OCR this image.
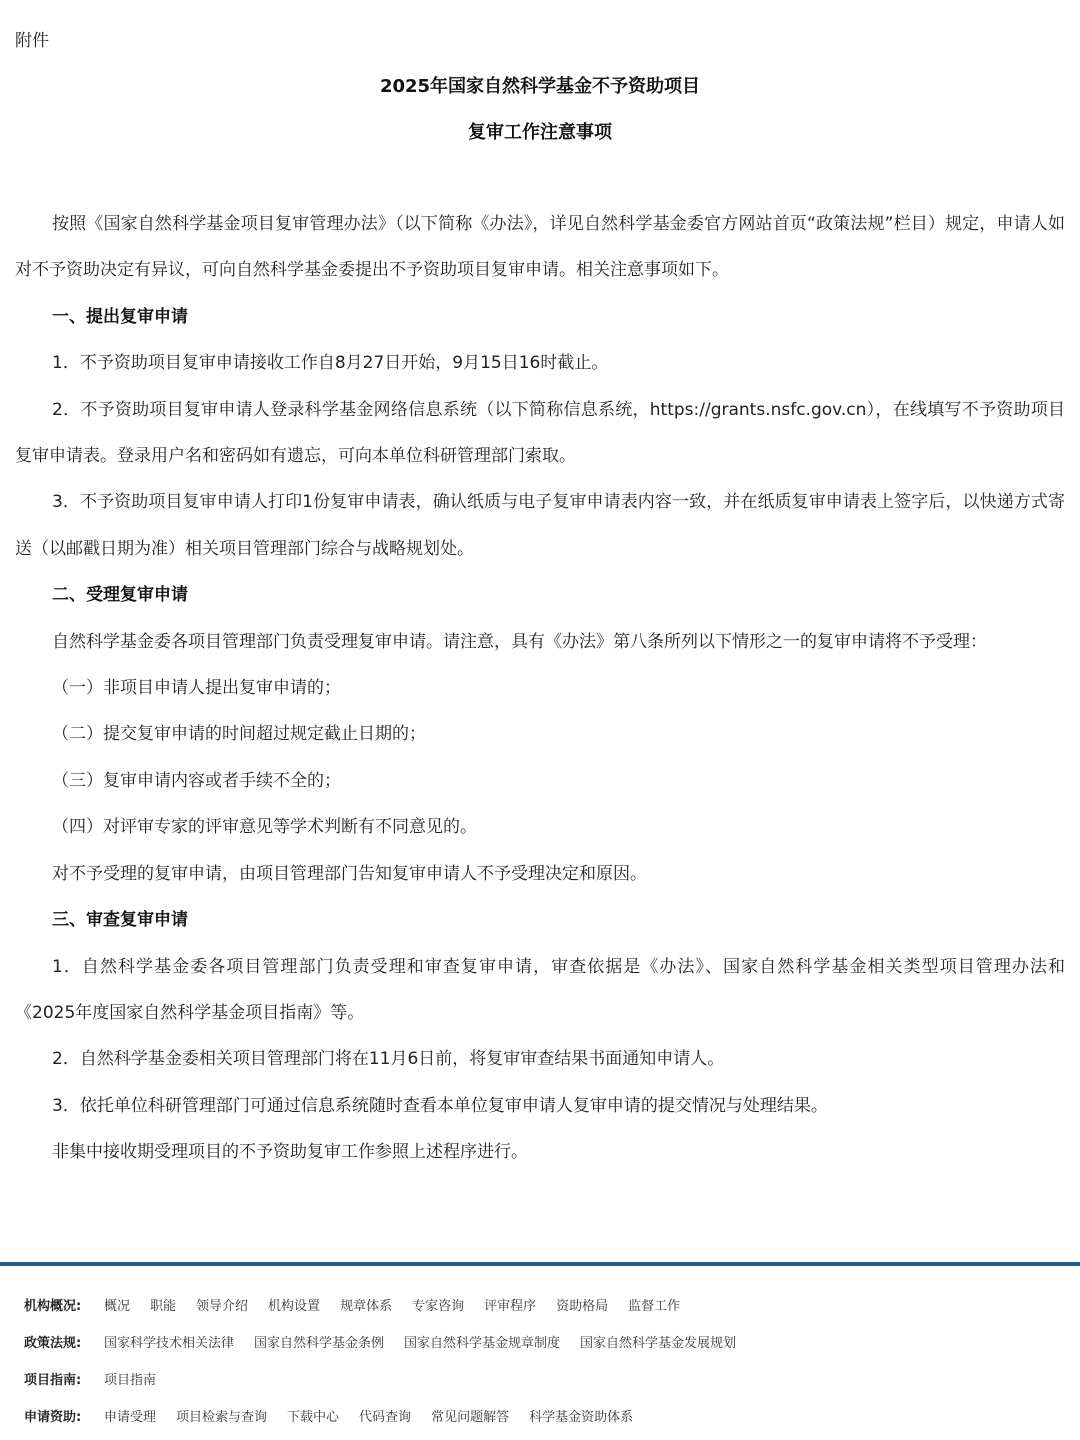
附件
2025年国家自然科学基金不予资助项目
复审工作注意事项

按照《国家自然科学基金项目复审管理办法》（以下简称《办法》，详见自然科学基金委官方网站首页“政策法规”栏目）规定，申请人如对不予资助决定有异议，可向自然科学基金委提出不予资助项目复审申请。相关注意事项如下。

一、提出复审申请

1．不予资助项目复审申请接收工作自8月27日开始，9月15日16时截止。

2．不予资助项目复审申请人登录科学基金网络信息系统（以下简称信息系统，https://grants.nsfc.gov.cn），在线填写不予资助项目复审申请表。登录用户名和密码如有遗忘，可向本单位科研管理部门索取。

3．不予资助项目复审申请人打印1份复审申请表，确认纸质与电子复审申请表内容一致，并在纸质复审申请表上签字后，以快递方式寄送（以邮戳日期为准）相关项目管理部门综合与战略规划处。

二、受理复审申请

自然科学基金委各项目管理部门负责受理复审申请。请注意，具有《办法》第八条所列以下情形之一的复审申请将不予受理：

（一）非项目申请人提出复审申请的；

（二）提交复审申请的时间超过规定截止日期的；

（三）复审申请内容或者手续不全的；

（四）对评审专家的评审意见等学术判断有不同意见的。

对不予受理的复审申请，由项目管理部门告知复审申请人不予受理决定和原因。

三、审查复审申请

1．自然科学基金委各项目管理部门负责受理和审查复审申请，审查依据是《办法》、国家自然科学基金相关类型项目管理办法和《2025年度国家自然科学基金项目指南》等。

2．自然科学基金委相关项目管理部门将在11月6日前，将复审审查结果书面通知申请人。

3．依托单位科研管理部门可通过信息系统随时查看本单位复审申请人复审申请的提交情况与处理结果。

非集中接收期受理项目的不予资助复审工作参照上述程序进行。

机构概况:	概况 职能 领导介绍 机构设置 规章体系 专家咨询 评审程序 资助格局 监督工作
政策法规:	国家科学技术相关法律 国家自然科学基金条例 国家自然科学基金规章制度 国家自然科学基金发展规划
项目指南:	项目指南
申请资助:	申请受理 项目检索与查询 下载中心 代码查询 常见问题解答 科学基金资助体系
